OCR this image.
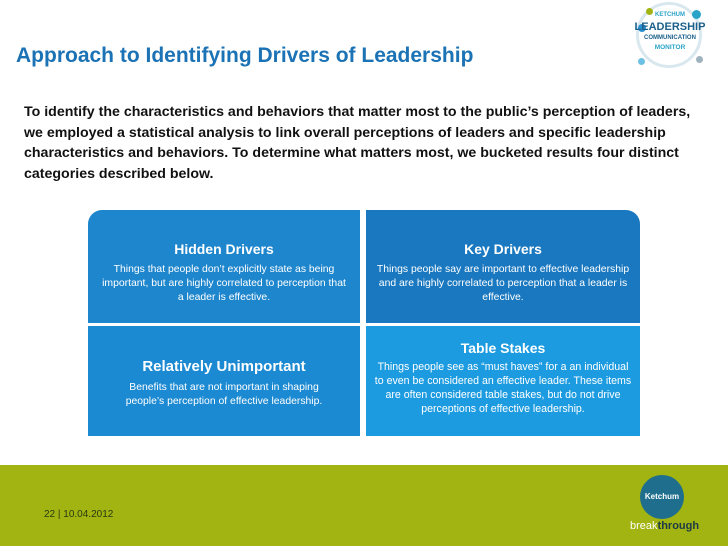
KETCHUM
LEADERSHIP
COMMUNICATION
MONITOR
Approach to Identifying Drivers of Leadership

To identify the characteristics and behaviors that matter most to the public’s perception of leaders, we employed a statistical analysis to link overall perceptions of leaders and specific leadership characteristics and behaviors. To determine what matters most, we bucketed results four distinct categories described below.

Hidden Drivers
Things that people don’t explicitly state as being important, but are highly correlated to perception that a leader is effective.
Key Drivers
Things people say are important to effective leadership and are highly correlated to perception that a leader is effective.
Relatively Unimportant
Benefits that are not important in shaping people’s perception of effective leadership.
Table Stakes
Things people see as “must haves” for a an individual to even be considered an effective leader. These items are often considered table stakes, but do not drive perceptions of effective leadership.
22 | 10.04.2012
Ketchum
breakthrough
